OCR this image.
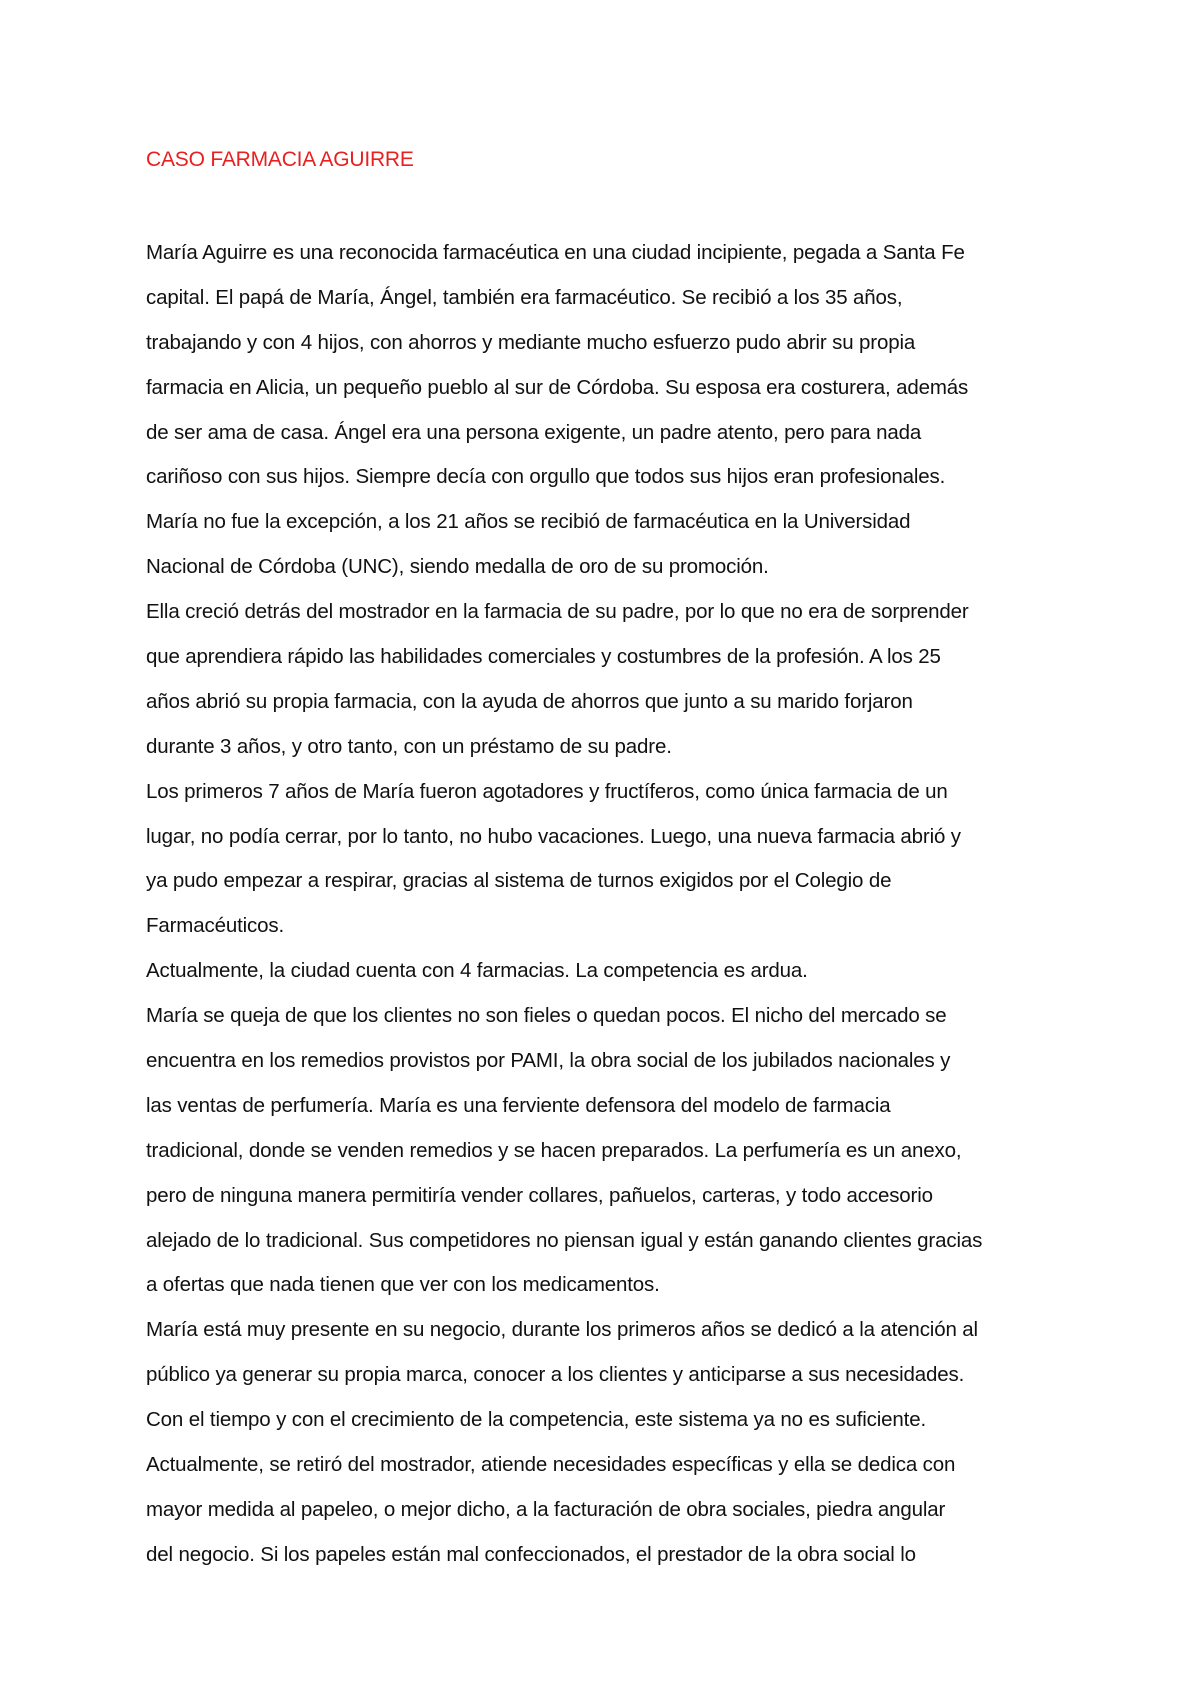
CASO FARMACIA AGUIRRE
María Aguirre es una reconocida farmacéutica en una ciudad incipiente, pegada a Santa Fe
capital. El papá de María, Ángel, también era farmacéutico. Se recibió a los 35 años,
trabajando y con 4 hijos, con ahorros y mediante mucho esfuerzo pudo abrir su propia
farmacia en Alicia, un pequeño pueblo al sur de Córdoba. Su esposa era costurera, además
de ser ama de casa. Ángel era una persona exigente, un padre atento, pero para nada
cariñoso con sus hijos. Siempre decía con orgullo que todos sus hijos eran profesionales.
María no fue la excepción, a los 21 años se recibió de farmacéutica en la Universidad
Nacional de Córdoba (UNC), siendo medalla de oro de su promoción.
Ella creció detrás del mostrador en la farmacia de su padre, por lo que no era de sorprender
que aprendiera rápido las habilidades comerciales y costumbres de la profesión. A los 25
años abrió su propia farmacia, con la ayuda de ahorros que junto a su marido forjaron
durante 3 años, y otro tanto, con un préstamo de su padre.
Los primeros 7 años de María fueron agotadores y fructíferos, como única farmacia de un
lugar, no podía cerrar, por lo tanto, no hubo vacaciones. Luego, una nueva farmacia abrió y
ya pudo empezar a respirar, gracias al sistema de turnos exigidos por el Colegio de
Farmacéuticos.
Actualmente, la ciudad cuenta con 4 farmacias. La competencia es ardua.
María se queja de que los clientes no son fieles o quedan pocos. El nicho del mercado se
encuentra en los remedios provistos por PAMI, la obra social de los jubilados nacionales y
las ventas de perfumería. María es una ferviente defensora del modelo de farmacia
tradicional, donde se venden remedios y se hacen preparados. La perfumería es un anexo,
pero de ninguna manera permitiría vender collares, pañuelos, carteras, y todo accesorio
alejado de lo tradicional. Sus competidores no piensan igual y están ganando clientes gracias
a ofertas que nada tienen que ver con los medicamentos.
María está muy presente en su negocio, durante los primeros años se dedicó a la atención al
público ya generar su propia marca, conocer a los clientes y anticiparse a sus necesidades.
Con el tiempo y con el crecimiento de la competencia, este sistema ya no es suficiente.
Actualmente, se retiró del mostrador, atiende necesidades específicas y ella se dedica con
mayor medida al papeleo, o mejor dicho, a la facturación de obra sociales, piedra angular
del negocio. Si los papeles están mal confeccionados, el prestador de la obra social lo
